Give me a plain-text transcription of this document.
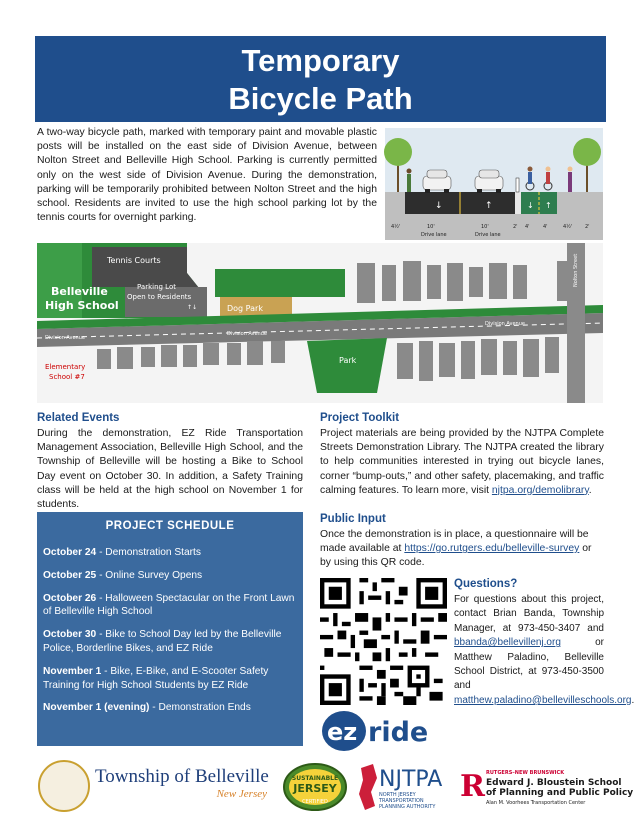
Temporary
Bicycle Path
A two-way bicycle path, marked with temporary paint and movable plastic posts will be installed on the east side of Division Avenue, between Nolton Street and Belleville High School. Parking is currently permitted only on the west side of Division Avenue. During the demonstration, parking will be temporarily prohibited between Nolton Street and the high school. Residents are invited to use the high school parking lot by the tennis courts for overnight parking.
↓	↑	↓ ↑
4½'	10'	10'	2' 4'	4'	4½'	2'
Drive lane	Drive lane
Tennis Courts
Belleville
High School
Parking Lot
Open to Residents
Dog Park
Division Avenue
Division Avenue
Division Avenue
Park
Elementary
School #7
Nolton Street
↑↓
Related Events

During the demonstration, EZ Ride Transportation Management Association, Belleville High School, and the Township of Belleville will be hosting a Bike to School Day event on October 30. In addition, a Safety Training class will be held at the high school on November 1 for students.

Project Toolkit

Project materials are being provided by the NJTPA Complete Streets Demonstration Library. The NJTPA created the library to help communities interested in trying out bicycle lanes, corner “bump-outs,” and other safety, placemaking, and traffic calming features. To learn more, visit njtpa.org/demolibrary.

Public Input

Once the demonstration is in place, a questionnaire will be made available at https://go.rutgers.edu/belleville-survey or by using this QR code.

PROJECT SCHEDULE
October 24 - Demonstration Starts
October 25 - Online Survey Opens
October 26 - Halloween Spectacular on the Front Lawn of Belleville High School
October 30 - Bike to School Day led by the Belleville Police, Borderline Bikes, and EZ Ride
November 1 - Bike, E-Bike, and E-Scooter Safety Training for High School Students by EZ Ride
November 1 (evening) - Demonstration Ends
Questions?

For questions about this project, contact Brian Banda, Township Manager, at 973-450-3407 and bbanda@bellevillenj.org or Matthew Paladino, Belleville School District, at 973-450-3500 and matthew.paladino@bellevilleschools.org.

ez ride
Township of Belleville
New Jersey
SUSTAINABLE
JERSEY
CERTIFIED
NJTPA
NORTH JERSEY
TRANSPORTATION
PLANNING AUTHORITY
R RUTGERS–NEW BRUNSWICK
Edward J. Bloustein School
of Planning and Public Policy
Alan M. Voorhees Transportation Center
